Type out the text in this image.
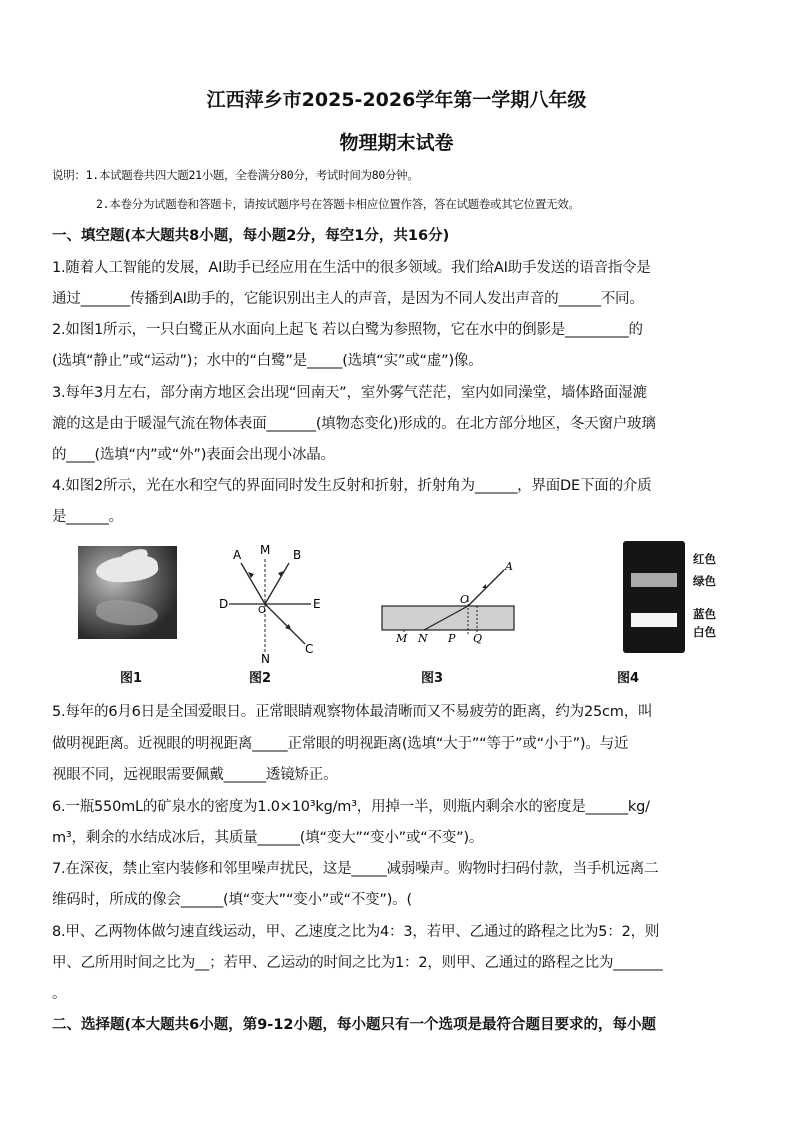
江西萍乡市2025-2026学年第一学期八年级
物理期末试卷
说明：1.本试题卷共四大题21小题，全卷满分80分，考试时间为80分钟。
2.本卷分为试题卷和答题卡，请按试题序号在答题卡相应位置作答，答在试题卷或其它位置无效。
一、填空题(本大题共8小题，每小题2分，每空1分，共16分)
1.随着人工智能的发展，AI助手已经应用在生活中的很多领域。我们给AI助手发送的语音指令是
通过_______传播到AI助手的，它能识别出主人的声音，是因为不同人发出声音的______不同。
2.如图1所示，一只白鹭正从水面向上起飞 若以白鹭为参照物，它在水中的倒影是_________的
(选填“静止”或“运动”)；水中的“白鹭”是_____(选填“实”或“虚”)像。
3.每年3月左右，部分南方地区会出现“回南天”，室外雾气茫茫，室内如同澡堂，墙体路面湿漉
漉的这是由于暖湿气流在物体表面_______(填物态变化)形成的。在北方部分地区，冬天窗户玻璃
的____(选填“内”或“外”)表面会出现小冰晶。
4.如图2所示，光在水和空气的界面同时发生反射和折射，折射角为______，界面DE下面的介质
是______。
A M B
D	O	E
N
C
A
O
M N P Q
红色
绿色
蓝色
白色
图1	图2	图3	图4
5.每年的6月6日是全国爱眼日。正常眼睛观察物体最清晰而又不易疲劳的距离，约为25cm，叫
做明视距离。近视眼的明视距离_____正常眼的明视距离(选填“大于”“等于”或“小于”)。与近
视眼不同，远视眼需要佩戴______透镜矫正。
6.一瓶550mL的矿泉水的密度为1.0×10³kg/m³，用掉一半，则瓶内剩余水的密度是______kg/
m³，剩余的水结成冰后，其质量______(填“变大”“变小”或“不变”)。
7.在深夜，禁止室内装修和邻里噪声扰民，这是_____减弱噪声。购物时扫码付款，当手机远离二
维码时，所成的像会______(填“变大”“变小”或“不变”)。(
8.甲、乙两物体做匀速直线运动，甲、乙速度之比为4：3，若甲、乙通过的路程之比为5：2，则
甲、乙所用时间之比为__；若甲、乙运动的时间之比为1：2，则甲、乙通过的路程之比为_______
。
二、选择题(本大题共6小题，第9-12小题，每小题只有一个选项是最符合题目要求的，每小题
